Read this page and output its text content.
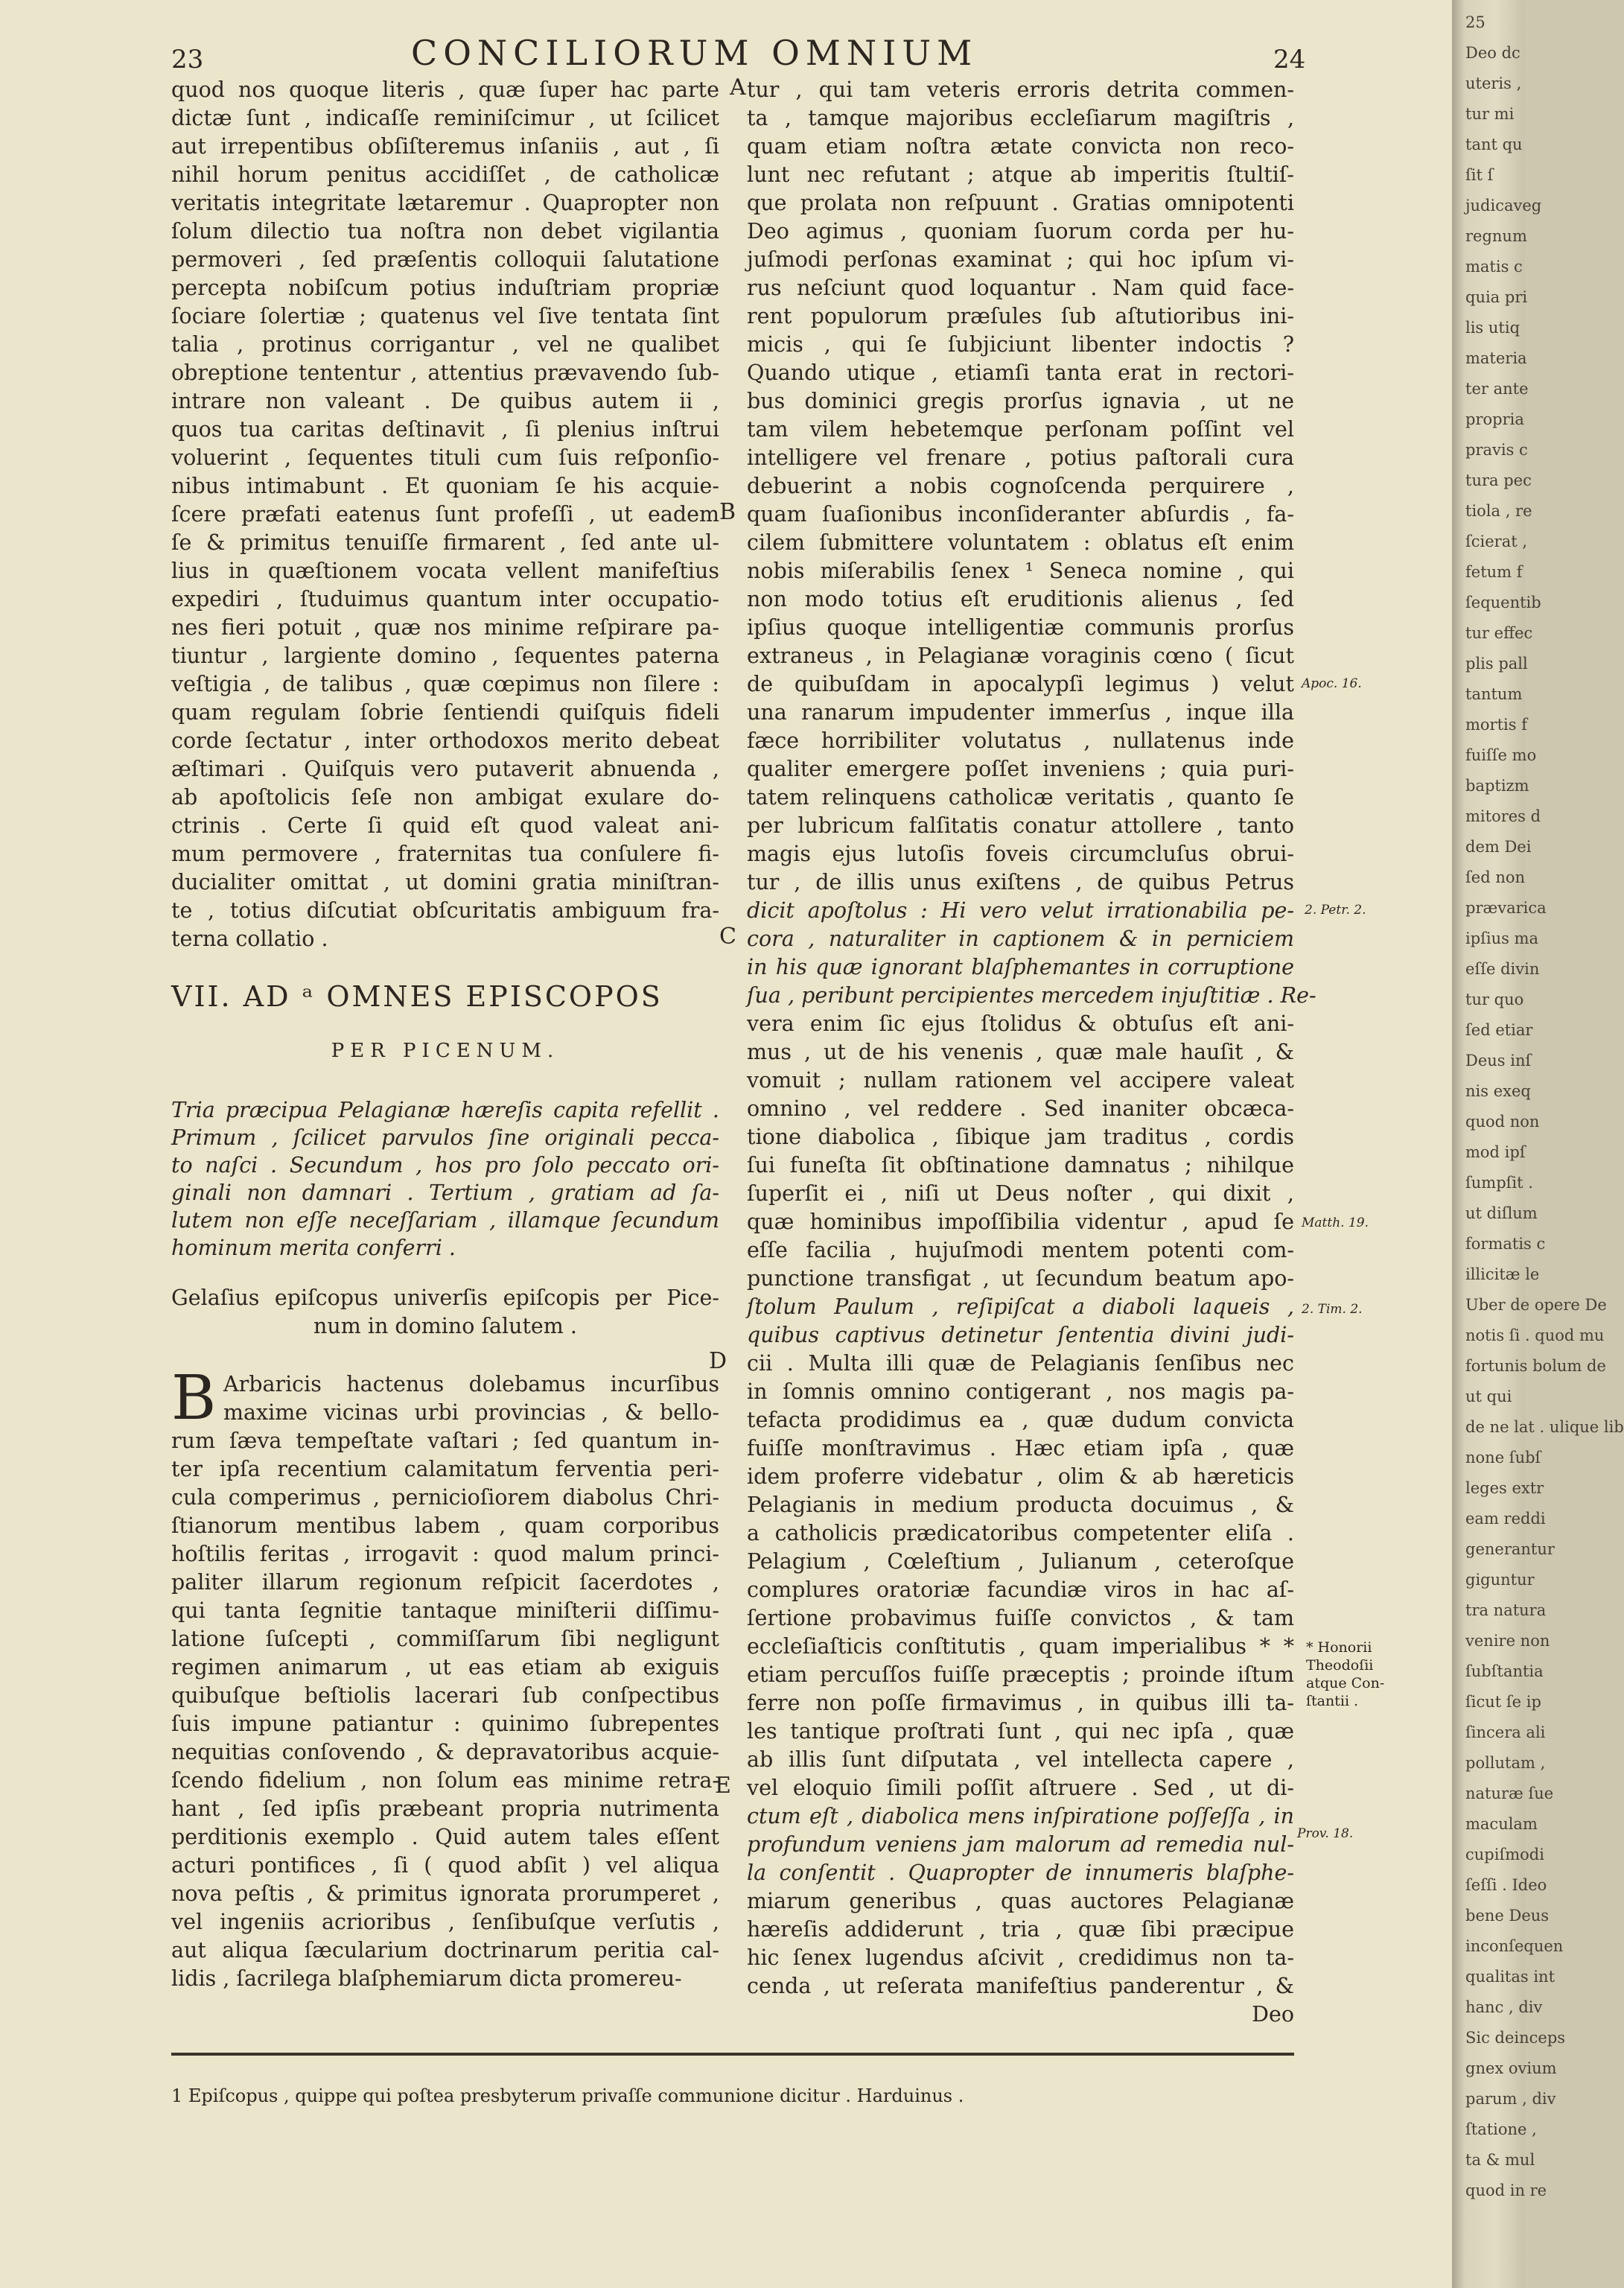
23	CONCILIORUM OMNIUM	24
quod nos quoque literis , quæ ſuper hac parte
dictæ ſunt , indicaſſe reminiſcimur , ut ſcilicet
aut irrepentibus obſiſteremus inſaniis , aut , ſi
nihil horum penitus accidiſſet , de catholicæ
veritatis integritate lætaremur . Quapropter non
ſolum dilectio tua noſtra non debet vigilantia
permoveri , ſed præſentis colloquii ſalutatione
percepta nobiſcum potius induſtriam propriæ
ſociare ſolertiæ ; quatenus vel ſive tentata ſint
talia , protinus corrigantur , vel ne qualibet
obreptione tententur , attentius prævavendo ſub-
intrare non valeant . De quibus autem ii ,
quos tua caritas deſtinavit , ſi plenius inſtrui
voluerint , ſequentes tituli cum ſuis reſponſio-
nibus intimabunt . Et quoniam ſe his acquie-
ſcere præfati eatenus ſunt profeſſi , ut eadem
ſe & primitus tenuiſſe firmarent , ſed ante ul-
lius in quæſtionem vocata vellent manifeſtius
expediri , ſtuduimus quantum inter occupatio-
nes fieri potuit , quæ nos minime reſpirare pa-
tiuntur , largiente domino , ſequentes paterna
veſtigia , de talibus , quæ cœpimus non ſilere :
quam regulam ſobrie ſentiendi quiſquis fideli
corde ſectatur , inter orthodoxos merito debeat
æſtimari . Quiſquis vero putaverit abnuenda ,
ab apoſtolicis ſeſe non ambigat exulare do-
ctrinis . Certe ſi quid eſt quod valeat ani-
mum permovere , fraternitas tua conſulere fi-
ducialiter omittat , ut domini gratia miniſtran-
te , totius diſcutiat obſcuritatis ambiguum fra-
terna collatio .
VII. AD ᵃ OMNES EPISCOPOS
PER PICENUM.
Tria præcipua Pelagianæ hæreſis capita refellit .
Primum , ſcilicet parvulos ſine originali pecca-
to naſci . Secundum , hos pro ſolo peccato ori-
ginali non damnari . Tertium , gratiam ad ſa-
lutem non eſſe neceſſariam , illamque ſecundum
hominum merita conferri .
Gelaſius epiſcopus univerſis epiſcopis per Pice-
num in domino ſalutem .
B Arbaricis hactenus dolebamus incurſibus
maxime vicinas urbi provincias , & bello-
rum ſæva tempeſtate vaſtari ; ſed quantum in-
ter ipſa recentium calamitatum ferventia peri-
cula comperimus , pernicioſiorem diabolus Chri-
ſtianorum mentibus labem , quam corporibus
hoſtilis feritas , irrogavit : quod malum princi-
paliter illarum regionum reſpicit ſacerdotes ,
qui tanta ſegnitie tantaque miniſterii diſſimu-
latione ſuſcepti , commiſſarum ſibi negligunt
regimen animarum , ut eas etiam ab exiguis
quibuſque beſtiolis lacerari ſub conſpectibus
ſuis impune patiantur : quinimo ſubrepentes
nequitias conſovendo , & depravatoribus acquie-
ſcendo fidelium , non ſolum eas minime retra-
hant , ſed ipſis præbeant propria nutrimenta
perditionis exemplo . Quid autem tales eſſent
acturi pontifices , ſi ( quod abſit ) vel aliqua
nova peſtis , & primitus ignorata prorumperet ,
vel ingeniis acrioribus , ſenſibuſque verſutis ,
aut aliqua ſæcularium doctrinarum peritia cal-
lidis , ſacrilega blaſphemiarum dicta promereu-
tur , qui tam veteris erroris detrita commen-
ta , tamque majoribus eccleſiarum magiſtris ,
quam etiam noſtra ætate convicta non reco-
lunt nec refutant ; atque ab imperitis ſtultiſ-
que prolata non reſpuunt . Gratias omnipotenti
Deo agimus , quoniam ſuorum corda per hu-
juſmodi perſonas examinat ; qui hoc ipſum vi-
rus neſciunt quod loquantur . Nam quid face-
rent populorum præſules ſub aſtutioribus ini-
micis , qui ſe ſubjiciunt libenter indoctis ?
Quando utique , etiamſi tanta erat in rectori-
bus dominici gregis prorſus ignavia , ut ne
tam vilem hebetemque perſonam poſſint vel
intelligere vel frenare , potius paſtorali cura
debuerint a nobis cognoſcenda perquirere ,
quam ſuaſionibus inconſideranter abſurdis , fa-
cilem ſubmittere voluntatem : oblatus eſt enim
nobis miſerabilis ſenex ¹ Seneca nomine , qui
non modo totius eſt eruditionis alienus , ſed
ipſius quoque intelligentiæ communis prorſus
extraneus , in Pelagianæ voraginis cœno ( ſicut
de quibuſdam in apocalypſi legimus ) velut
una ranarum impudenter immerſus , inque illa
fæce horribiliter volutatus , nullatenus inde
qualiter emergere poſſet inveniens ; quia puri-
tatem relinquens catholicæ veritatis , quanto ſe
per lubricum falſitatis conatur attollere , tanto
magis ejus lutoſis foveis circumcluſus obrui-
tur , de illis unus exiſtens , de quibus Petrus
dicit apoſtolus : Hi vero velut irrationabilia pe-
cora , naturaliter in captionem & in perniciem
in his quæ ignorant blaſphemantes in corruptione
ſua , peribunt percipientes mercedem injuſtitiæ . Re-
vera enim ſic ejus ſtolidus & obtuſus eſt ani-
mus , ut de his venenis , quæ male hauſit , &
vomuit ; nullam rationem vel accipere valeat
omnino , vel reddere . Sed inaniter obcæca-
tione diabolica , ſibique jam traditus , cordis
ſui funeſta ſit obſtinatione damnatus ; nihilque
ſuperſit ei , niſi ut Deus noſter , qui dixit ,
quæ hominibus impoſſibilia videntur , apud ſe
eſſe facilia , hujuſmodi mentem potenti com-
punctione transfigat , ut ſecundum beatum apo-
ſtolum Paulum , reſipiſcat a diaboli laqueis ,
quibus captivus detinetur ſententia divini judi-
cii . Multa illi quæ de Pelagianis ſenſibus nec
in ſomnis omnino contigerant , nos magis pa-
tefacta prodidimus ea , quæ dudum convicta
fuiſſe monſtravimus . Hæc etiam ipſa , quæ
idem proferre videbatur , olim & ab hæreticis
Pelagianis in medium producta docuimus , &
a catholicis prædicatoribus competenter eliſa .
Pelagium , Cœleſtium , Julianum , ceteroſque
complures oratoriæ facundiæ viros in hac aſ-
ſertione probavimus fuiſſe convictos , & tam
eccleſiaſticis conſtitutis , quam imperialibus * *
etiam percuſſos fuiſſe præceptis ; proinde iſtum
ferre non poſſe firmavimus , in quibus illi ta-
les tantique proſtrati ſunt , qui nec ipſa , quæ
ab illis ſunt diſputata , vel intellecta capere ,
vel eloquio ſimili poſſit aſtruere . Sed , ut di-
ctum eſt , diabolica mens inſpiratione poſſeſſa , in
profundum veniens jam malorum ad remedia nul-
la conſentit . Quapropter de innumeris blaſphe-
miarum generibus , quas auctores Pelagianæ
hæreſis addiderunt , tria , quæ ſibi præcipue
hic ſenex lugendus aſcivit , credidimus non ta-
cenda , ut reſerata manifeſtius panderentur , &
Deo
A
B
C
D
E
Apoc. 16.
2. Petr. 2.
Matth. 19.
2. Tim. 2.
* Honorii
Theodoſii
atque Con-
ſtantii .
Prov. 18.
1 Epiſcopus , quippe qui poſtea presbyterum privaſſe communione dicitur . Harduinus .
25
Deo dc
uteris ,
tur mi
tant qu
ſit ſ
judicaveg
regnum
matis c
quia pri
lis utiq
materia
ter ante
propria
pravis c
tura pec
tiola , re
ſcierat ,
fetum f
ſequentib
tur effec
plis pall
tantum
mortis f
fuiſſe mo
baptizm
mitores d
dem Dei
ſed non
prævarica
ipſius ma
eſſe divin
tur quo
ſed etiar
Deus inſ
nis exeq
quod non
mod ipſ
ſumpſit .
ut diſlum
formatis c
illicitæ le
Uber de opere De
notis ſi . quod mu
fortunis bolum de
ut qui
de ne lat . ulique lib
none ſubſ
leges extr
eam reddi
generantur
giguntur
tra natura
venire non
ſubſtantia
ſicut ſe ip
ſincera ali
pollutam ,
naturæ ſue
maculam
cupiſmodi
ſeſſi . Ideo
bene Deus
inconſequen
qualitas int
hanc , div
Sic deinceps
gnex ovium
parum , div
ſtatione ,
ta & mul
quod in re
